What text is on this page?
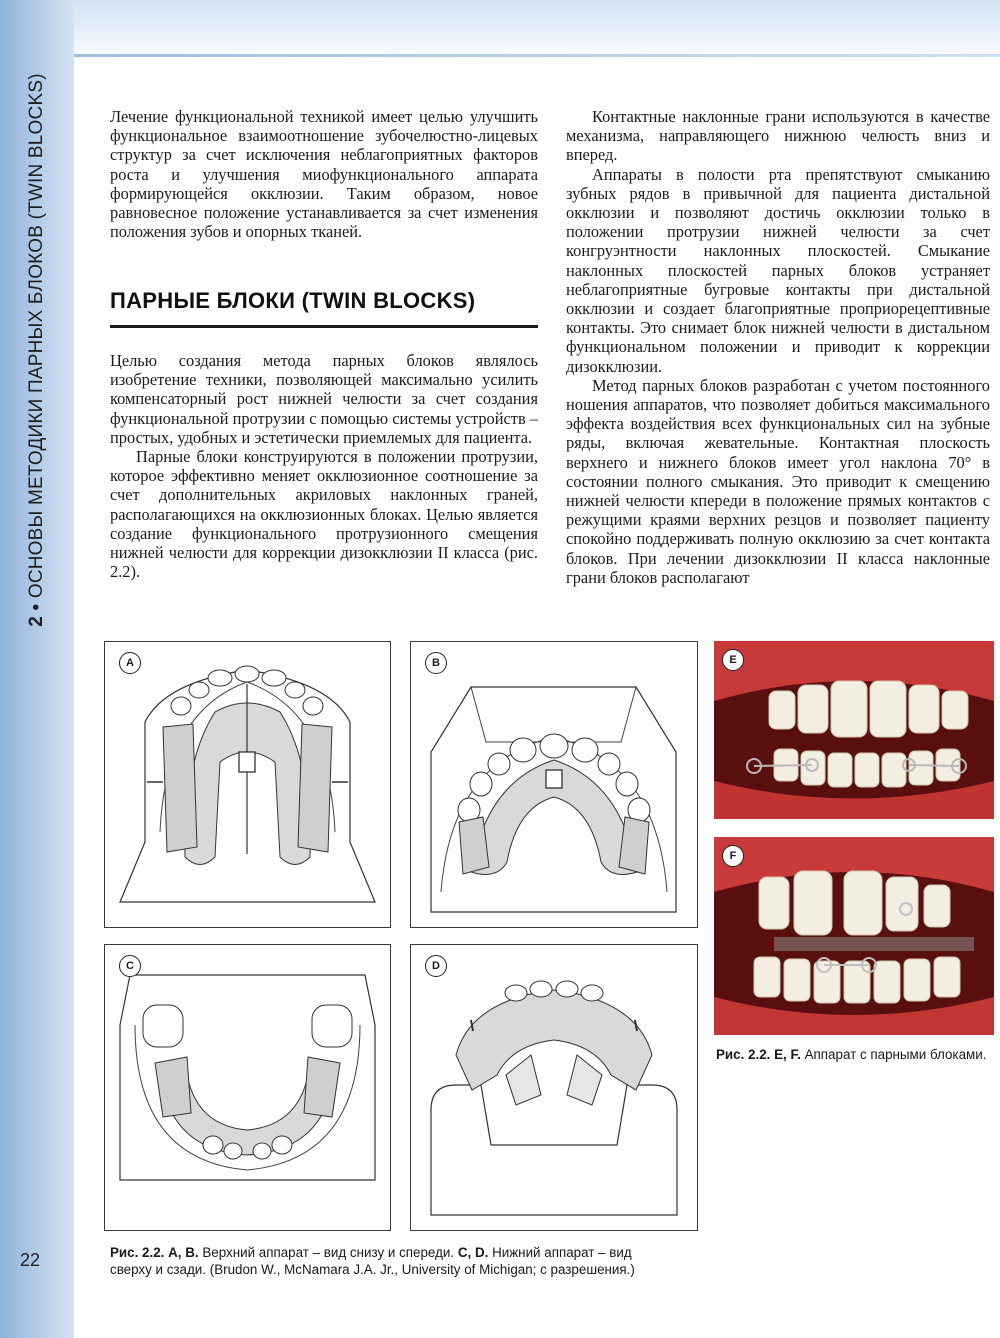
2 • ОСНОВЫ МЕТОДИКИ ПАРНЫХ БЛОКОВ (TWIN BLOCKS)
22

Лечение функциональной техникой имеет целью улучшить функциональное взаимоотношение зубочелюстно-лицевых структур за счет исключения неблагоприятных факторов роста и улучшения миофункционального аппарата формирующейся окклюзии. Таким образом, новое равновесное положение устанавливается за счет изменения положения зубов и опорных тканей.

ПАРНЫЕ БЛОКИ (TWIN BLOCKS)

Целью создания метода парных блоков являлось изобретение техники, позволяющей максимально усилить компенсаторный рост нижней челюсти за счет создания функциональной протрузии с помощью системы устройств – простых, удобных и эстетически приемлемых для пациента.

Парные блоки конструируются в положении протрузии, которое эффективно меняет окклюзионное соотношение за счет дополнительных акриловых наклонных граней, располагающихся на окклюзионных блоках. Целью является создание функционального протрузионного смещения нижней челюсти для коррекции дизокклюзии II класса (рис. 2.2).

Контактные наклонные грани используются в качестве механизма, направляющего нижнюю челюсть вниз и вперед.

Аппараты в полости рта препятствуют смыканию зубных рядов в привычной для пациента дистальной окклюзии и позволяют достичь окклюзии только в положении протрузии нижней челюсти за счет конгруэнтности наклонных плоскостей. Смыкание наклонных плоскостей парных блоков устраняет неблагоприятные бугровые контакты при дистальной окклюзии и создает благоприятные проприорецептивные контакты. Это снимает блок нижней челюсти в дистальном функциональном положении и приводит к коррекции дизокклюзии.

Метод парных блоков разработан с учетом постоянного ношения аппаратов, что позволяет добиться максимального эффекта воздействия всех функциональных сил на зубные ряды, включая жевательные. Контактная плоскость верхнего и нижнего блоков имеет угол наклона 70° в состоянии полного смыкания. Это приводит к смещению нижней челюсти кпереди в положение прямых контактов с режущими краями верхних резцов и позволяет пациенту спокойно поддерживать полную окклюзию за счет контакта блоков. При лечении дизокклюзии II класса наклонные грани блоков располагают

A	B
C	D
E
F
Рис. 2.2. E, F. Аппарат с парными блоками.
Рис. 2.2. A, B. Верхний аппарат – вид снизу и спереди. C, D. Нижний аппарат – вид сверху и сзади. (Brudon W., McNamara J.A. Jr., University of Michigan; с разрешения.)
